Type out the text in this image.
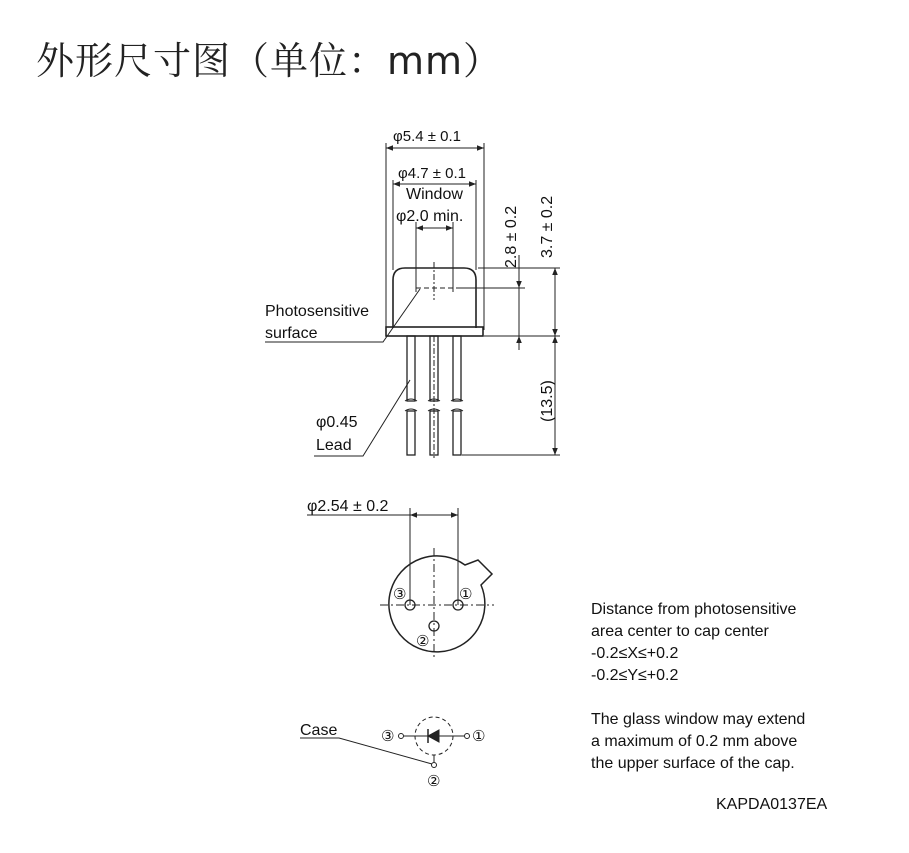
外形尺寸图（单位：mm）
φ5.4 ± 0.1
φ4.7 ± 0.1
Window
φ2.0 min. 2.8 ± 0.2 3.7 ± 0.2
(13.5)
Photosensitive
surface
φ0.45
Lead
φ2.54 ± 0.2
③	①
②
Case	③	①
②
Distance from photosensitive
area center to cap center
-0.2≤X≤+0.2
-0.2≤Y≤+0.2
The glass window may extend
a maximum of 0.2 mm above
the upper surface of the cap.
KAPDA0137EA
